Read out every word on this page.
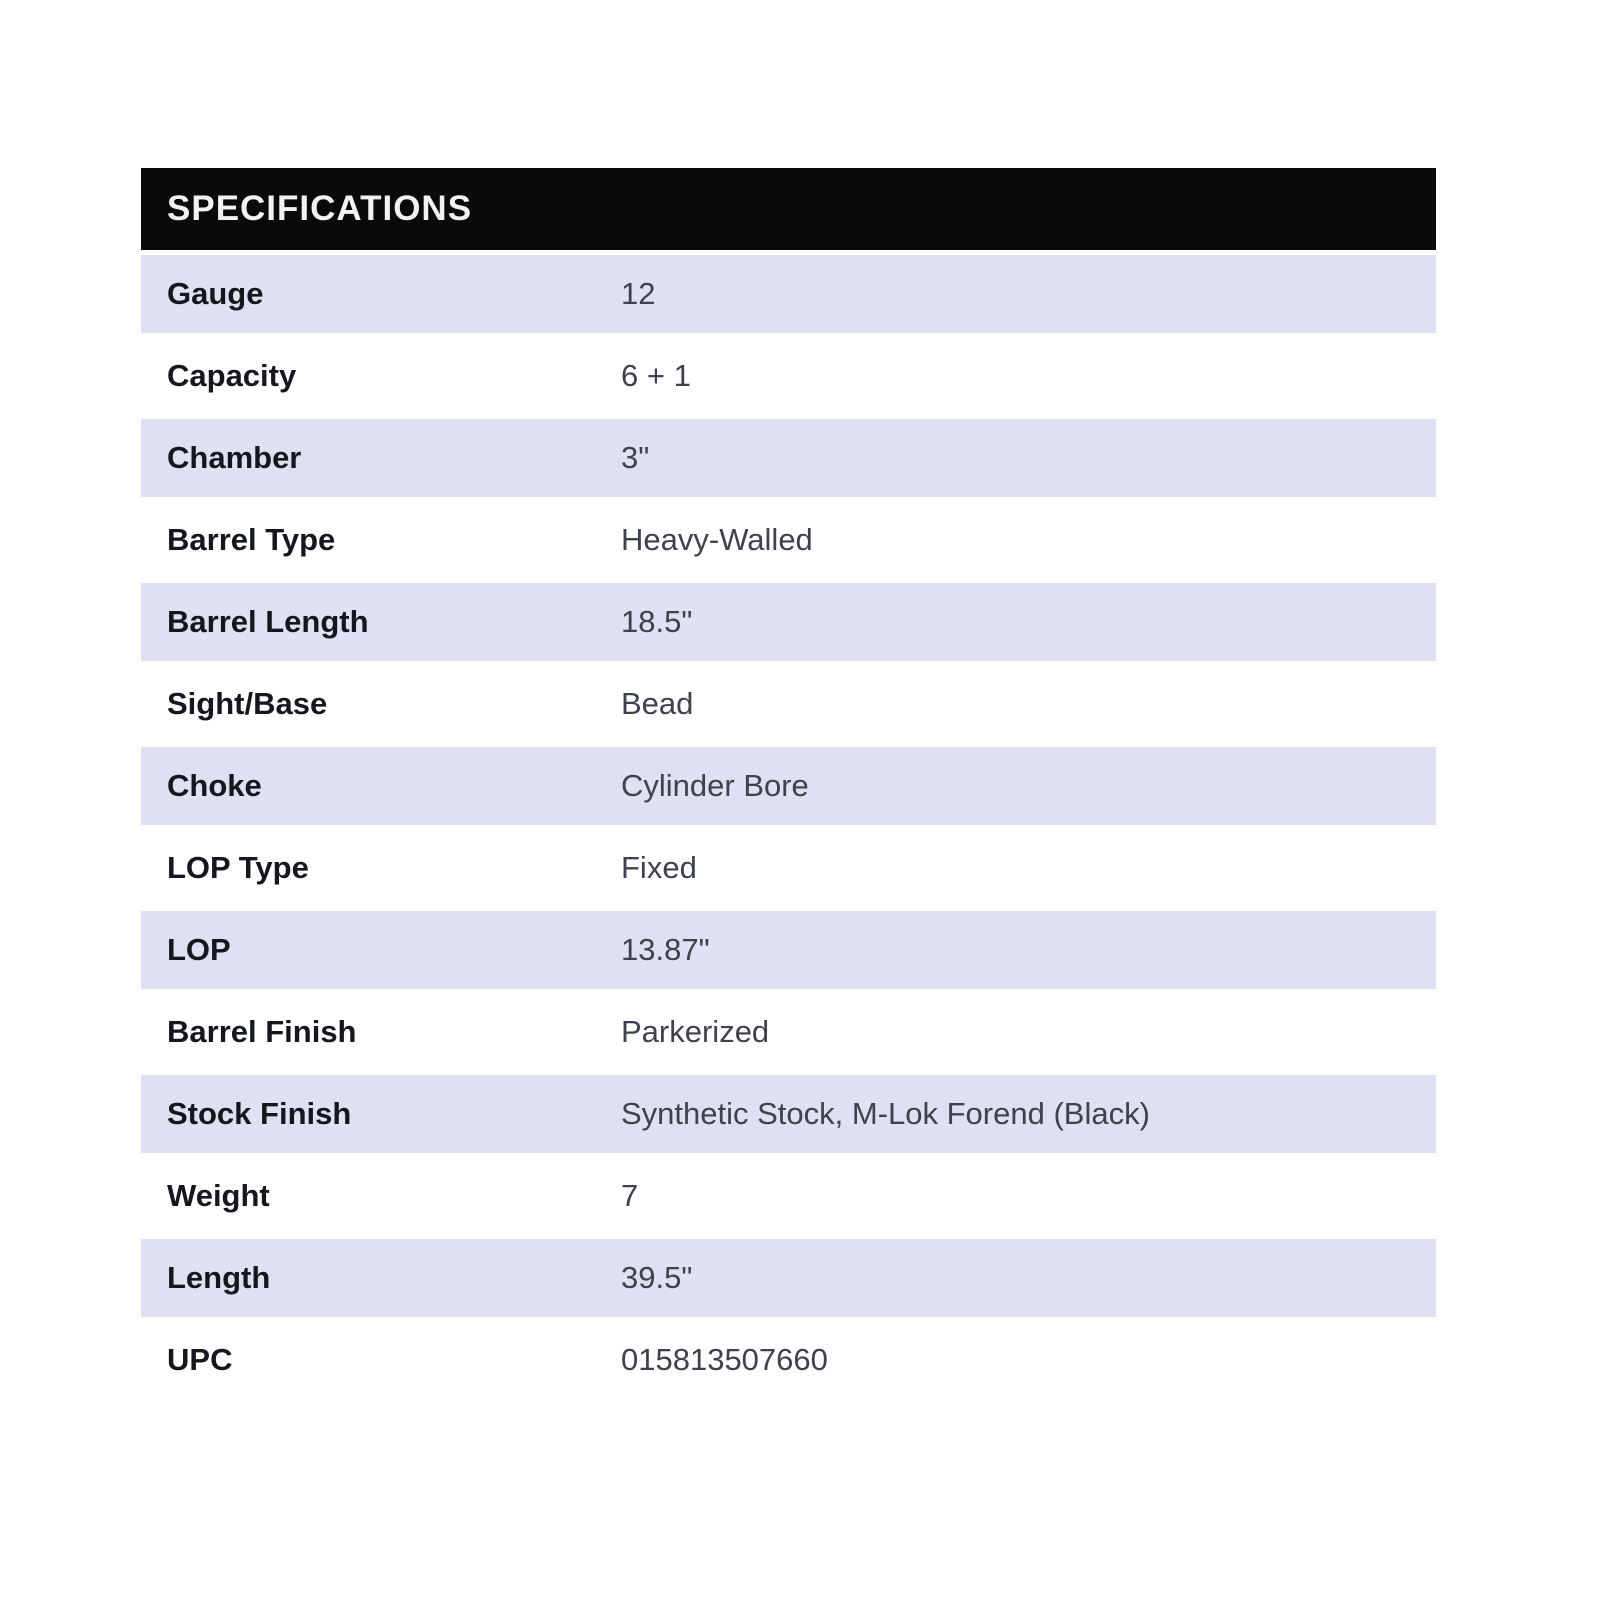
SPECIFICATIONS
Gauge	12
Capacity	6 + 1
Chamber	3"
Barrel Type	Heavy-Walled
Barrel Length	18.5"
Sight/Base	Bead
Choke	Cylinder Bore
LOP Type	Fixed
LOP	13.87"
Barrel Finish	Parkerized
Stock Finish	Synthetic Stock, M-Lok Forend (Black)
Weight	7
Length	39.5"
UPC	015813507660
